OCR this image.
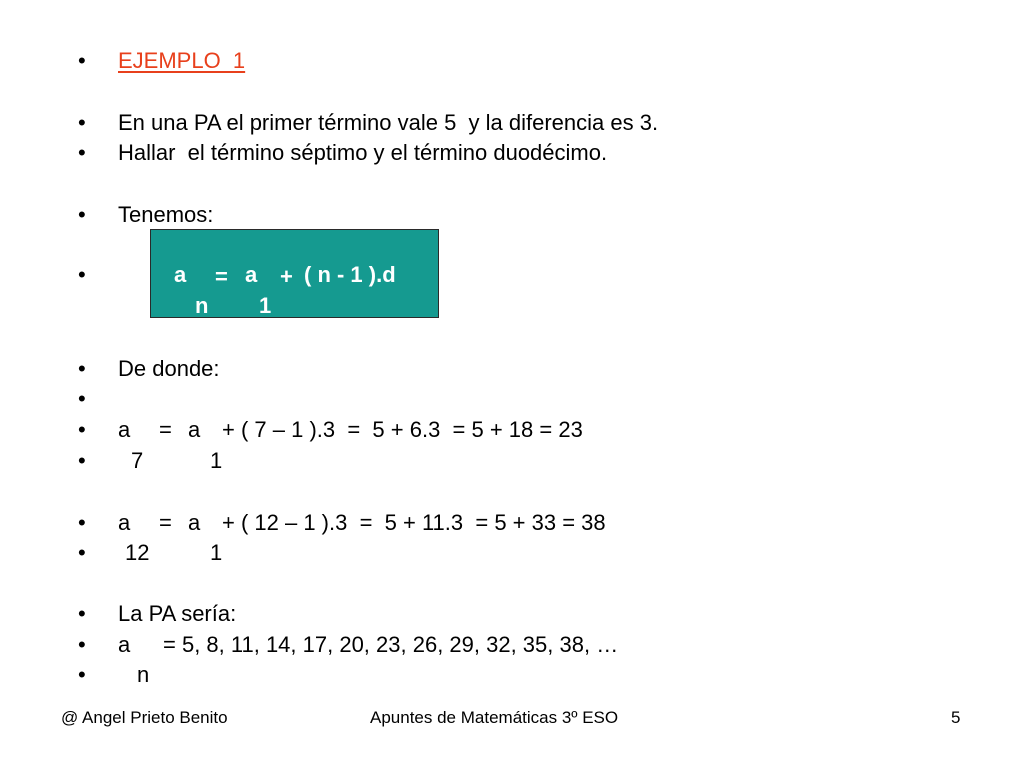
• EJEMPLO  1
• En una PA el primer término vale 5  y la diferencia es 3.
• Hallar  el término séptimo y el término duodécimo.
• Tenemos:
•	a = a + ( n - 1 ).d
n 1
• De donde:
•
• a = a + ( 7 – 1 ).3  =  5 + 6.3  = 5 + 18 = 23
• 7	1
• a = a + ( 12 – 1 ).3  =  5 + 11.3  = 5 + 33 = 38
• 12	1
• La PA sería:
• a = 5, 8, 11, 14, 17, 20, 23, 26, 29, 32, 35, 38, …
• n
@ Angel Prieto Benito	Apuntes de Matemáticas 3º ESO	5
